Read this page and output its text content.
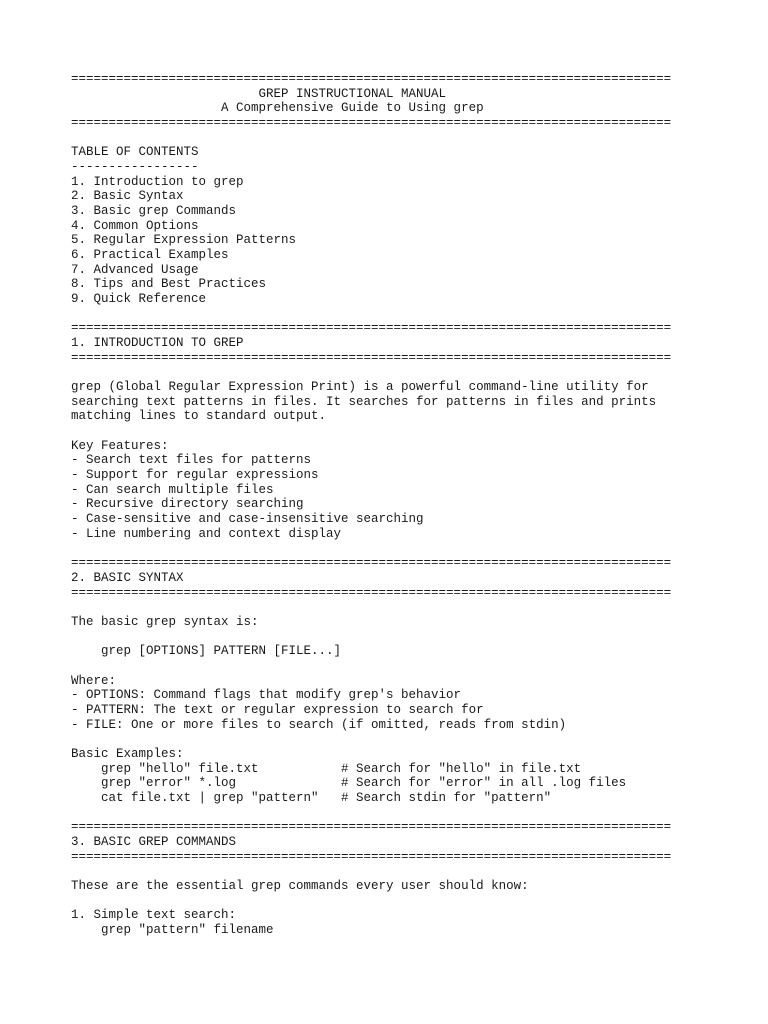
================================================================================
GREP INSTRUCTIONAL MANUAL
A Comprehensive Guide to Using grep
================================================================================
TABLE OF CONTENTS
-----------------
1. Introduction to grep
2. Basic Syntax
3. Basic grep Commands
4. Common Options
5. Regular Expression Patterns
6. Practical Examples
7. Advanced Usage
8. Tips and Best Practices
9. Quick Reference
================================================================================
1. INTRODUCTION TO GREP
================================================================================
grep (Global Regular Expression Print) is a powerful command-line utility for
searching text patterns in files. It searches for patterns in files and prints
matching lines to standard output.
Key Features:
- Search text files for patterns
- Support for regular expressions
- Can search multiple files
- Recursive directory searching
- Case-sensitive and case-insensitive searching
- Line numbering and context display
================================================================================
2. BASIC SYNTAX
================================================================================
The basic grep syntax is:
grep [OPTIONS] PATTERN [FILE...]
Where:
- OPTIONS: Command flags that modify grep's behavior
- PATTERN: The text or regular expression to search for
- FILE: One or more files to search (if omitted, reads from stdin)
Basic Examples:
grep "hello" file.txt           # Search for "hello" in file.txt
grep "error" *.log              # Search for "error" in all .log files
cat file.txt | grep "pattern"   # Search stdin for "pattern"
================================================================================
3. BASIC GREP COMMANDS
================================================================================
These are the essential grep commands every user should know:
1. Simple text search:
grep "pattern" filename
